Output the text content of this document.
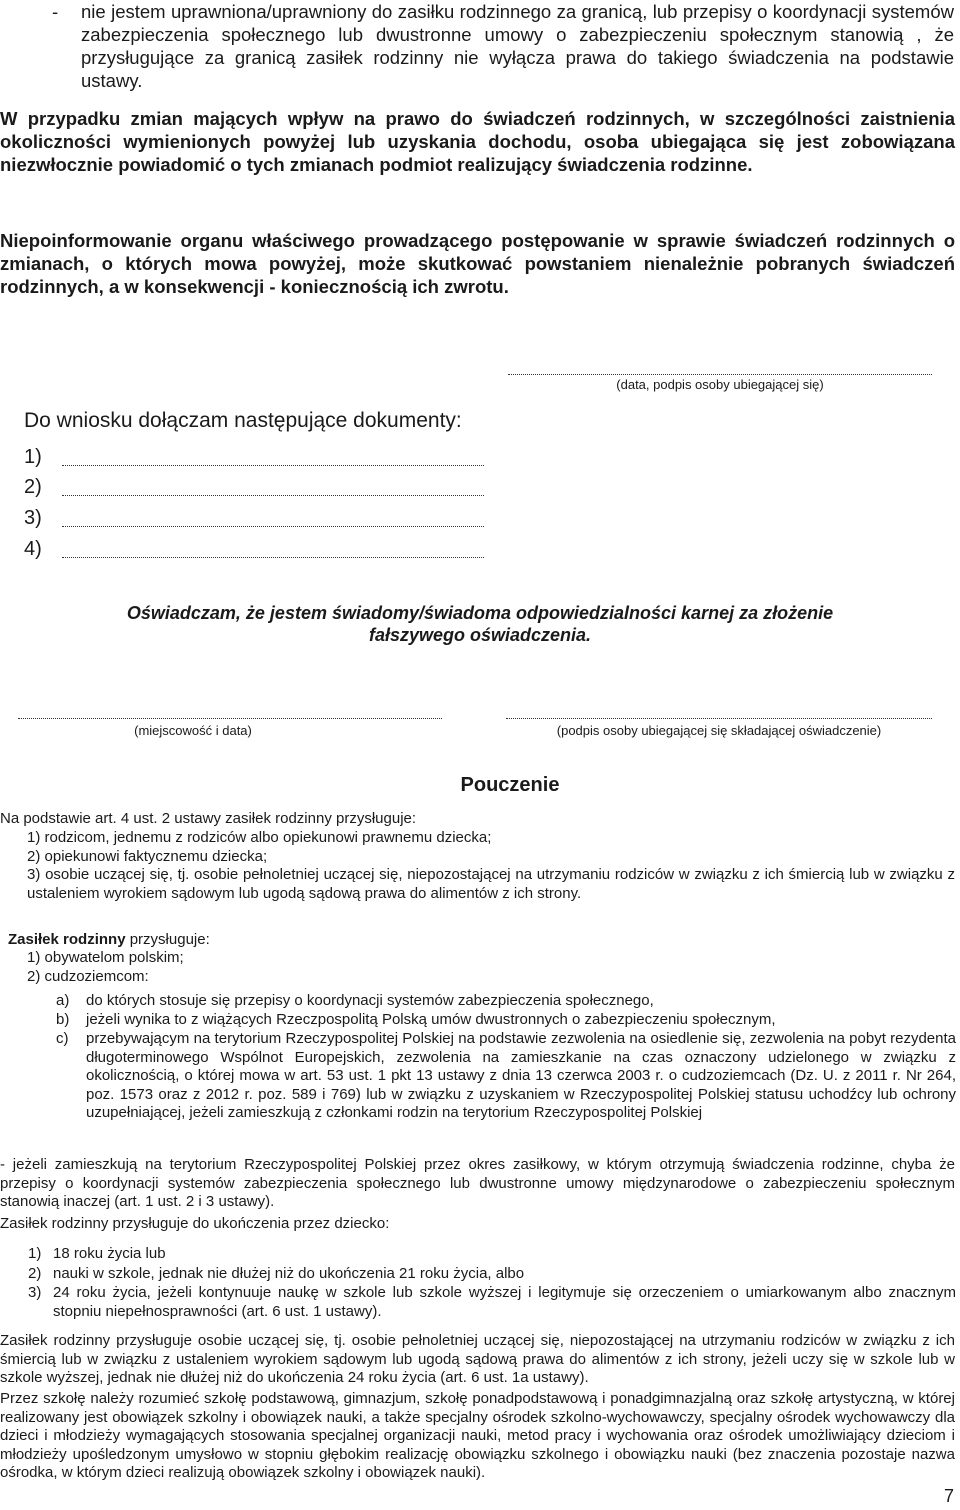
- nie jestem uprawniona/uprawniony do zasiłku rodzinnego za granicą, lub przepisy o koordynacji systemów zabezpieczenia społecznego lub dwustronne umowy o zabezpieczeniu społecznym stanowią , że przysługujące za granicą zasiłek rodzinny nie wyłącza prawa do takiego świadczenia na podstawie ustawy.
W przypadku zmian mających wpływ na prawo do świadczeń rodzinnych, w szczególności zaistnienia okoliczności wymienionych powyżej lub uzyskania dochodu, osoba ubiegająca się jest zobowiązana niezwłocznie powiadomić o tych zmianach podmiot realizujący świadczenia rodzinne.
Niepoinformowanie organu właściwego prowadzącego postępowanie w sprawie świadczeń rodzinnych o zmianach, o których mowa powyżej, może skutkować powstaniem nienależnie pobranych świadczeń rodzinnych, a w konsekwencji - koniecznością ich zwrotu.
(data, podpis osoby ubiegającej się)
Do wniosku dołączam następujące dokumenty:
1)
2)
3)
4)
Oświadczam, że jestem świadomy/świadoma odpowiedzialności karnej za złożenie fałszywego oświadczenia.
(miejscowość i data)	(podpis osoby ubiegającej się składającej oświadczenie)
Pouczenie
Na podstawie art. 4 ust. 2 ustawy zasiłek rodzinny przysługuje:
1) rodzicom, jednemu z rodziców albo opiekunowi prawnemu dziecka;
2) opiekunowi faktycznemu dziecka;
3) osobie uczącej się, tj. osobie pełnoletniej uczącej się, niepozostającej na utrzymaniu rodziców w związku z ich śmiercią lub w związku z ustaleniem wyrokiem sądowym lub ugodą sądową prawa do alimentów z ich strony.
Zasiłek rodzinny przysługuje:
1) obywatelom polskim;
2) cudzoziemcom:
a) do których stosuje się przepisy o koordynacji systemów zabezpieczenia społecznego,
b) jeżeli wynika to z wiążących Rzeczpospolitą Polską umów dwustronnych o zabezpieczeniu społecznym,
c) przebywającym na terytorium Rzeczypospolitej Polskiej na podstawie zezwolenia na osiedlenie się, zezwolenia na pobyt rezydenta długoterminowego Wspólnot Europejskich, zezwolenia na zamieszkanie na czas oznaczony udzielonego w związku z okolicznością, o której mowa w art. 53 ust. 1 pkt 13 ustawy z dnia 13 czerwca 2003 r. o cudzoziemcach (Dz. U. z 2011 r. Nr 264, poz. 1573 oraz z 2012 r. poz. 589 i 769) lub w związku z uzyskaniem w Rzeczypospolitej Polskiej statusu uchodźcy lub ochrony uzupełniającej, jeżeli zamieszkują z członkami rodzin na terytorium Rzeczypospolitej Polskiej
- jeżeli zamieszkują na terytorium Rzeczypospolitej Polskiej przez okres zasiłkowy, w którym otrzymują świadczenia rodzinne, chyba że przepisy o koordynacji systemów zabezpieczenia społecznego lub dwustronne umowy międzynarodowe o zabezpieczeniu społecznym stanowią inaczej (art. 1 ust. 2 i 3 ustawy).
Zasiłek rodzinny przysługuje do ukończenia przez dziecko:
1) 18 roku życia lub
2) nauki w szkole, jednak nie dłużej niż do ukończenia 21 roku życia, albo
3) 24 roku życia, jeżeli kontynuuje naukę w szkole lub szkole wyższej i legitymuje się orzeczeniem o umiarkowanym albo znacznym stopniu niepełnosprawności (art. 6 ust. 1 ustawy).
Zasiłek rodzinny przysługuje osobie uczącej się, tj. osobie pełnoletniej uczącej się, niepozostającej na utrzymaniu rodziców w związku z ich śmiercią lub w związku z ustaleniem wyrokiem sądowym lub ugodą sądową prawa do alimentów z ich strony, jeżeli uczy się w szkole lub w szkole wyższej, jednak nie dłużej niż do ukończenia 24 roku życia (art. 6 ust. 1a ustawy).
Przez szkołę należy rozumieć szkołę podstawową, gimnazjum, szkołę ponadpodstawową i ponadgimnazjalną oraz szkołę artystyczną, w której realizowany jest obowiązek szkolny i obowiązek nauki, a także specjalny ośrodek szkolno-wychowawczy, specjalny ośrodek wychowawczy dla dzieci i młodzieży wymagających stosowania specjalnej organizacji nauki, metod pracy i wychowania oraz ośrodek umożliwiający dzieciom i młodzieży upośledzonym umysłowo w stopniu głębokim realizację obowiązku szkolnego i obowiązku nauki (bez znaczenia pozostaje nazwa ośrodka, w którym dzieci realizują obowiązek szkolny i obowiązek nauki).
7
